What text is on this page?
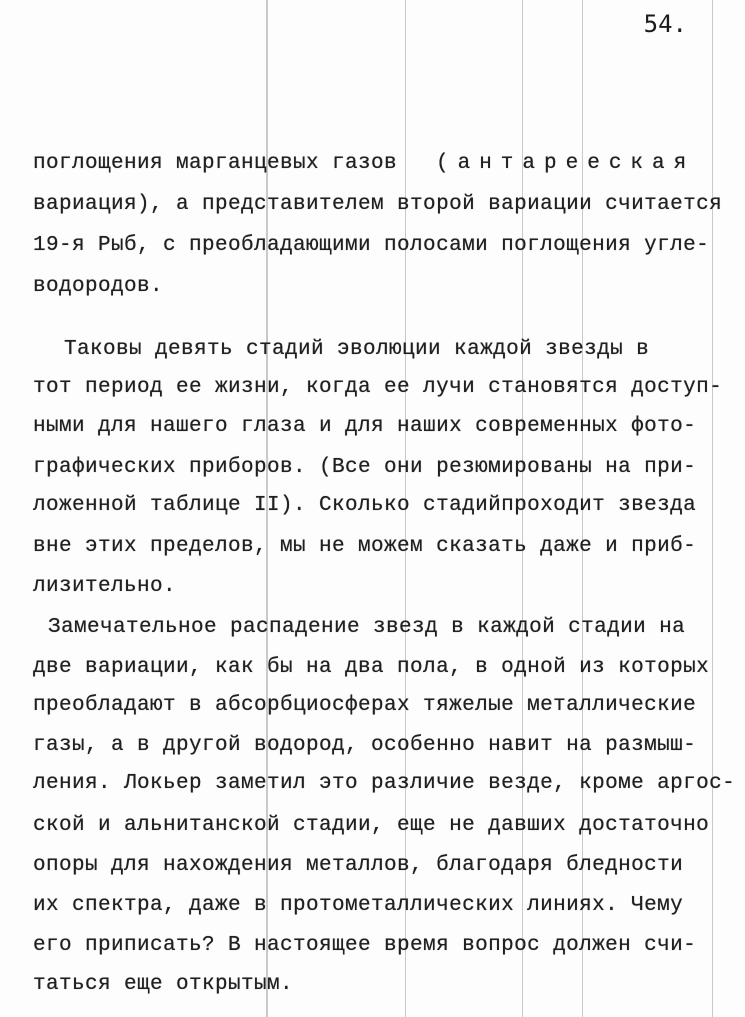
54.
поглощения марганцевых газов	(антарееская
вариация), а представителем второй вариации считается
19-я Рыб, с преобладающими полосами поглощения угле-
водородов.
Таковы девять стадий эволюции каждой звезды в
тот период ее жизни, когда ее лучи становятся доступ-
ными для нашего глаза и для наших современных фото-
графических приборов. (Все они резюмированы на при-
ложенной таблице II). Сколько стадийпроходит звезда
вне этих пределов, мы не можем сказать даже и приб-
лизительно.
Замечательное распадение звезд в каждой стадии на
две вариации, как бы на два пола, в одной из которых
преобладают в абсорбциосферах тяжелые металлические
газы, а в другой водород, особенно навит на размыш-
ления. Локьер заметил это различие везде, кроме аргос-
ской и альнитанской стадии, еще не давших достаточно
опоры для нахождения металлов, благодаря бледности
их спектра, даже в протометаллических линиях. Чему
его приписать? В настоящее время вопрос должен счи-
таться еще открытым.
